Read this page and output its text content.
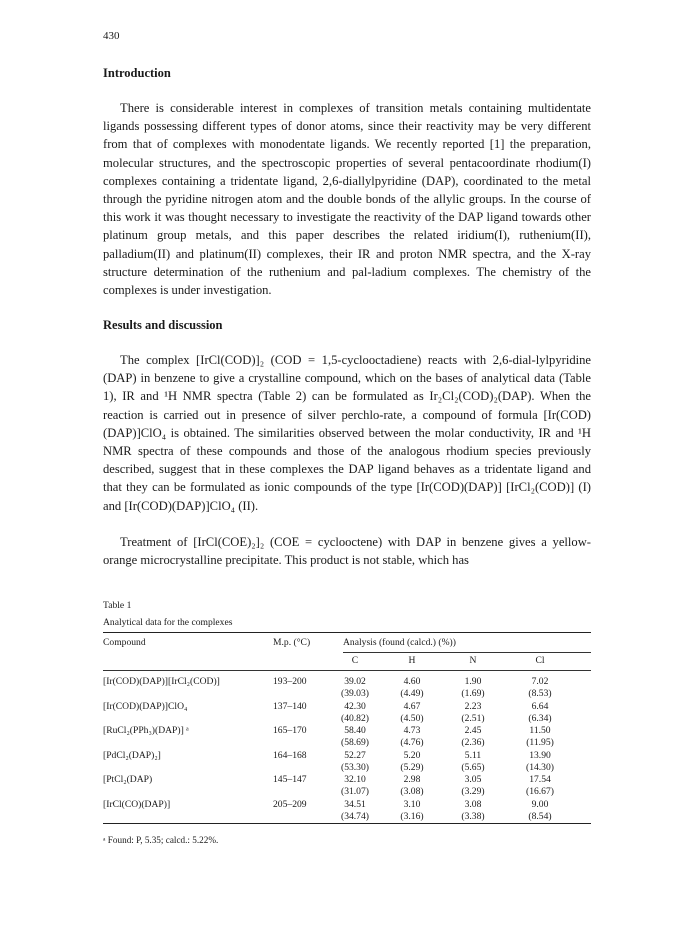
430
Introduction
There is considerable interest in complexes of transition metals containing multidentate ligands possessing different types of donor atoms, since their reactivity may be very different from that of complexes with monodentate ligands. We recently reported [1] the preparation, molecular structures, and the spectroscopic properties of several pentacoordinate rhodium(I) complexes containing a tridentate ligand, 2,6-diallylpyridine (DAP), coordinated to the metal through the pyridine nitrogen atom and the double bonds of the allylic groups. In the course of this work it was thought necessary to investigate the reactivity of the DAP ligand towards other platinum group metals, and this paper describes the related iridium(I), ruthenium(II), palladium(II) and platinum(II) complexes, their IR and proton NMR spectra, and the X-ray structure determination of the ruthenium and pal-ladium complexes. The chemistry of the complexes is under investigation.
Results and discussion
The complex [IrCl(COD)]₂ (COD = 1,5-cyclooctadiene) reacts with 2,6-dial-lylpyridine (DAP) in benzene to give a crystalline compound, which on the bases of analytical data (Table 1), IR and ¹H NMR spectra (Table 2) can be formulated as Ir₂Cl₂(COD)₂(DAP). When the reaction is carried out in presence of silver perchlo-rate, a compound of formula [Ir(COD)(DAP)]ClO₄ is obtained. The similarities observed between the molar conductivity, IR and ¹H NMR spectra of these compounds and those of the analogous rhodium species previously described, suggest that in these complexes the DAP ligand behaves as a tridentate ligand and that they can be formulated as ionic compounds of the type [Ir(COD)(DAP)] [IrCl₂(COD)] (I) and [Ir(COD)(DAP)]ClO₄ (II).
Treatment of [IrCl(COE)₂]₂ (COE = cyclooctene) with DAP in benzene gives a yellow-orange microcrystalline precipitate. This product is not stable, which has
Table 1
Analytical data for the complexes
Compound	M.p. (°C)	Analysis (found (calcd.) (%))
C	H	N	Cl
[Ir(COD)(DAP)][IrCl₂(COD)]	193–200	39.02	4.60	1.90	7.02
(39.03)	(4.49)	(1.69)	(8.53)
[Ir(COD)(DAP)]ClO₄	137–140	42.30	4.67	2.23	6.64
(40.82)	(4.50)	(2.51)	(6.34)
[RuCl₂(PPh₃)(DAP)] ᵃ	165–170	58.40	4.73	2.45	11.50
(58.69)	(4.76)	(2.36)	(11.95)
[PdCl₂(DAP)₂]	164–168	52.27	5.20	5.11	13.90
(53.30)	(5.29)	(5.65)	(14.30)
[PtCl₂(DAP)	145–147	32.10	2.98	3.05	17.54
(31.07)	(3.08)	(3.29)	(16.67)
[IrCl(CO)(DAP)]	205–209	34.51	3.10	3.08	9.00
(34.74)	(3.16)	(3.38)	(8.54)
ᵃ Found: P, 5.35; calcd.: 5.22%.
